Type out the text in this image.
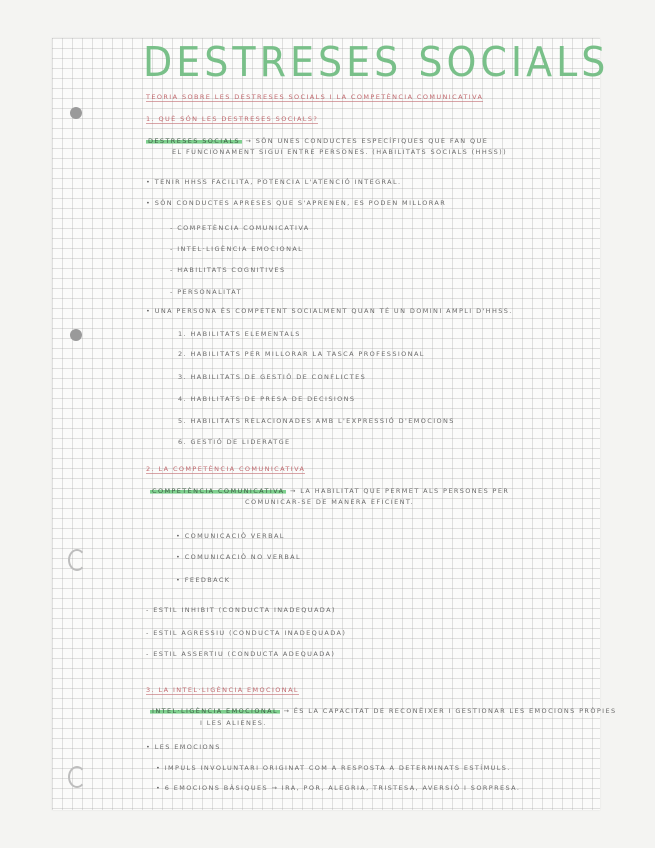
DESTRESES SOCIALS
TEORIA SOBRE LES DESTRESES SOCIALS I LA COMPETÈNCIA COMUNICATIVA
1. QUÈ SÓN LES DESTRESES SOCIALS?
DESTRESES SOCIALS → SÓN UNES CONDUCTES ESPECÍFIQUES QUE FAN QUE
EL FUNCIONAMENT SIGUI ENTRE PERSONES. (HABILITATS SOCIALS (HHSS))
• TENIR HHSS FACILITA, POTENCIA L'ATENCIÓ INTEGRAL.
• SÓN CONDUCTES APRESES QUE S'APRENEN, ES PODEN MILLORAR
- COMPETÈNCIA COMUNICATIVA
- INTEL·LIGÈNCIA EMOCIONAL
- HABILITATS COGNITIVES
- PERSONALITAT
• UNA PERSONA ÉS COMPETENT SOCIALMENT QUAN TÉ UN DOMINI AMPLI D'HHSS.
1. HABILITATS ELEMENTALS
2. HABILITATS PER MILLORAR LA TASCA PROFESSIONAL
3. HABILITATS DE GESTIÓ DE CONFLICTES
4. HABILITATS DE PRESA DE DECISIONS
5. HABILITATS RELACIONADES AMB L'EXPRESSIÓ D'EMOCIONS
6. GESTIÓ DE LIDERATGE
2. LA COMPETÈNCIA COMUNICATIVA
COMPETÈNCIA COMUNICATIVA → LA HABILITAT QUE PERMET ALS PERSONES PER
COMUNICAR-SE DE MANERA EFICIENT.
• COMUNICACIÓ VERBAL
• COMUNICACIÓ NO VERBAL
• FEEDBACK
- ESTIL INHIBIT (CONDUCTA INADEQUADA)
- ESTIL AGRESSIU (CONDUCTA INADEQUADA)
- ESTIL ASSERTIU (CONDUCTA ADEQUADA)
3. LA INTEL·LIGÈNCIA EMOCIONAL
INTEL·LIGÈNCIA EMOCIONAL → ÉS LA CAPACITAT DE RECONÈIXER I GESTIONAR LES EMOCIONS PRÒPIES
I LES ALIENES.
• LES EMOCIONS
• IMPULS INVOLUNTARI ORIGINAT COM A RESPOSTA A DETERMINATS ESTÍMULS.
• 6 EMOCIONS BÀSIQUES → IRA, POR, ALEGRIA, TRISTESA, AVERSIÓ I SORPRESA.
